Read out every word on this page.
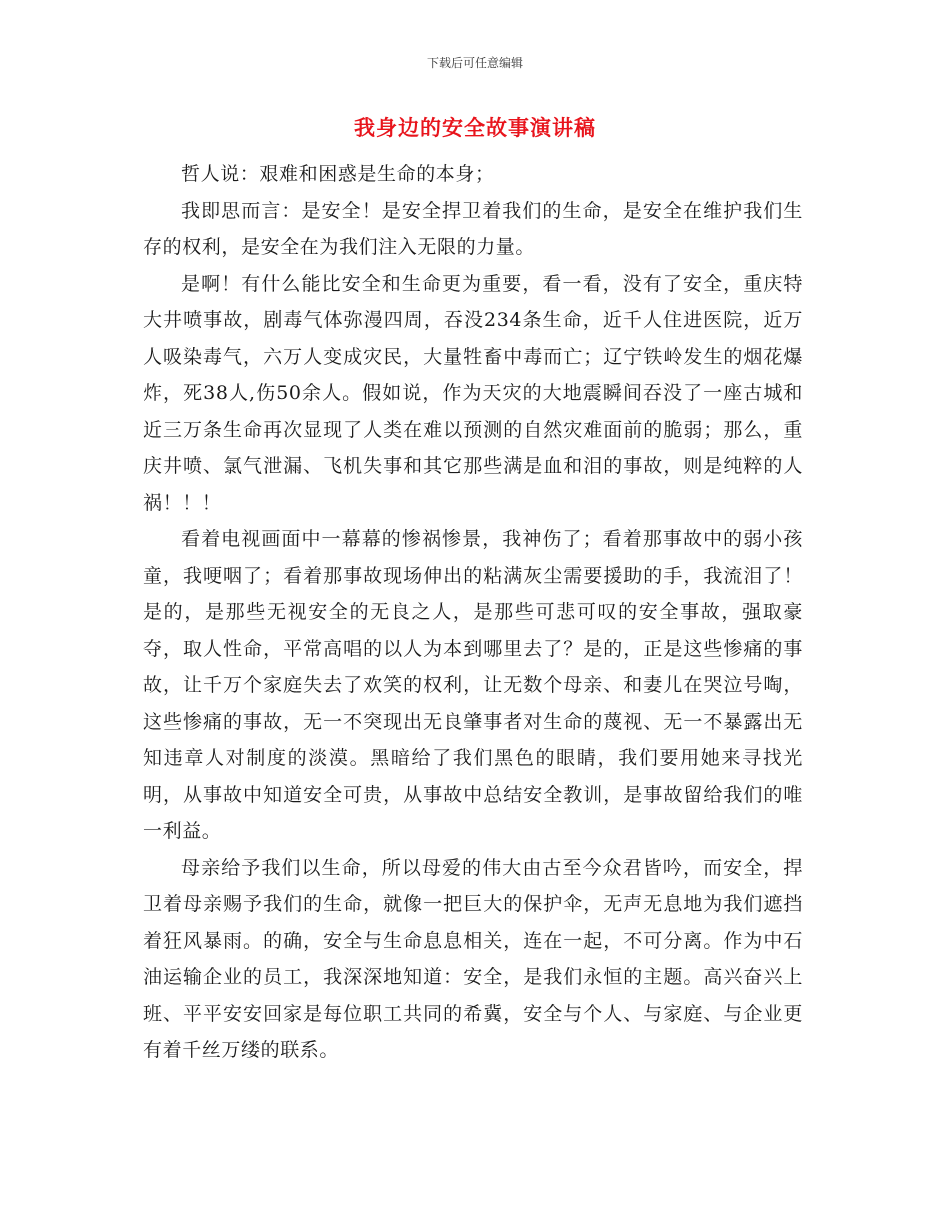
下载后可任意编辑
我身边的安全故事演讲稿

哲人说：艰难和困惑是生命的本身；

我即思而言：是安全！是安全捍卫着我们的生命，是安全在维护我们生存的权利，是安全在为我们注入无限的力量。

是啊！有什么能比安全和生命更为重要，看一看，没有了安全，重庆特大井喷事故，剧毒气体弥漫四周，吞没234条生命，近千人住进医院，近万人吸染毒气，六万人变成灾民，大量牲畜中毒而亡；辽宁铁岭发生的烟花爆炸，死38人,伤50余人。假如说，作为天灾的大地震瞬间吞没了一座古城和近三万条生命再次显现了人类在难以预测的自然灾难面前的脆弱；那么，重庆井喷、氯气泄漏、飞机失事和其它那些满是血和泪的事故，则是纯粹的人祸！！！

看着电视画面中一幕幕的惨祸惨景，我神伤了；看着那事故中的弱小孩童，我哽咽了；看着那事故现场伸出的粘满灰尘需要援助的手，我流泪了！是的，是那些无视安全的无良之人，是那些可悲可叹的安全事故，强取豪夺，取人性命，平常高唱的以人为本到哪里去了？是的，正是这些惨痛的事故，让千万个家庭失去了欢笑的权利，让无数个母亲、和妻儿在哭泣号啕，这些惨痛的事故，无一不突现出无良肇事者对生命的蔑视、无一不暴露出无知违章人对制度的淡漠。黑暗给了我们黑色的眼睛，我们要用她来寻找光明，从事故中知道安全可贵，从事故中总结安全教训，是事故留给我们的唯一利益。

母亲给予我们以生命，所以母爱的伟大由古至今众君皆吟，而安全，捍卫着母亲赐予我们的生命，就像一把巨大的保护伞，无声无息地为我们遮挡着狂风暴雨。的确，安全与生命息息相关，连在一起，不可分离。作为中石油运输企业的员工，我深深地知道：安全，是我们永恒的主题。高兴奋兴上班、平平安安回家是每位职工共同的希冀，安全与个人、与家庭、与企业更有着千丝万缕的联系。
